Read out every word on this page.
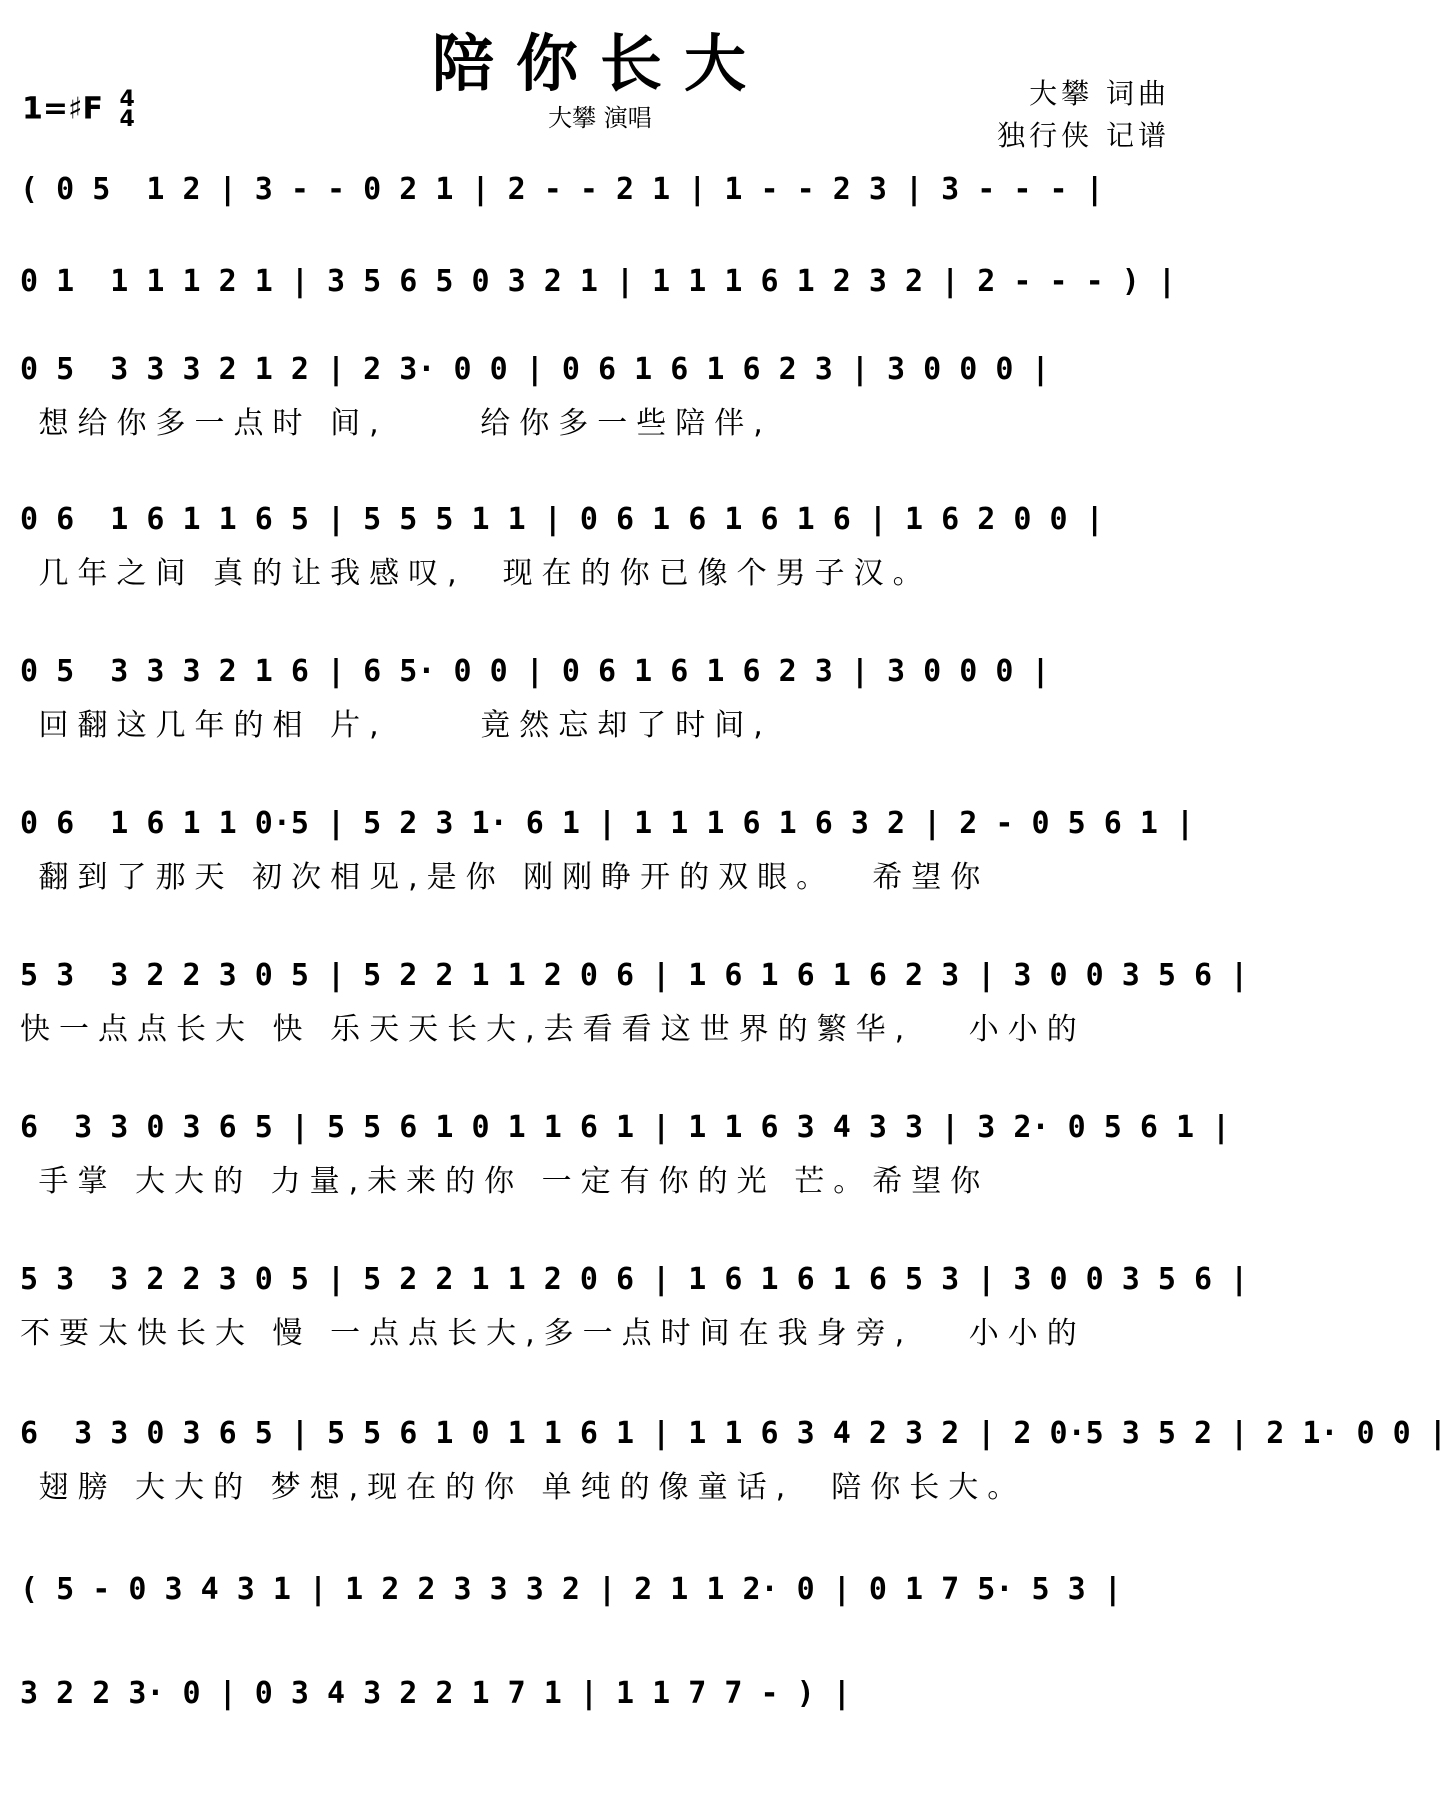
陪你长大
1=♯F 4
4	大攀 演唱
大攀 词曲
独行侠 记谱
( 0 5  1 2 | 3 - - 0 2 1 | 2 - - 2 1 | 1 - - 2 3 | 3 - - - |
0 1  1 1 1 2 1 | 3 5 6 5 0 3 2 1 | 1 1 1 6 1 2 3 2 | 2 - - - ) |
0 5  3 3 3 2 1 2 | 2 3· 0 0 | 0 6 1 6 1 6 2 3 | 3 0 0 0 |
想给你多一点时 间,     给你多一些陪伴,
0 6  1 6 1 1 6 5 | 5 5 5 1 1 | 0 6 1 6 1 6 1 6 | 1 6 2 0 0 |
几年之间 真的让我感叹,  现在的你已像个男子汉。
0 5  3 3 3 2 1 6 | 6 5· 0 0 | 0 6 1 6 1 6 2 3 | 3 0 0 0 |
回翻这几年的相 片,     竟然忘却了时间,
0 6  1 6 1 1 0·5 | 5 2 3 1· 6 1 | 1 1 1 6 1 6 3 2 | 2 - 0 5 6 1 |
翻到了那天 初次相见,是你 刚刚睁开的双眼。  希望你
5 3  3 2 2 3 0 5 | 5 2 2 1 1 2 0 6 | 1 6 1 6 1 6 2 3 | 3 0 0 3 5 6 |
快一点点长大 快 乐天天长大,去看看这世界的繁华,   小小的
6  3 3 0 3 6 5 | 5 5 6 1 0 1 1 6 1 | 1 1 6 3 4 3 3 | 3 2· 0 5 6 1 |
手掌 大大的 力量,未来的你 一定有你的光 芒。希望你
5 3  3 2 2 3 0 5 | 5 2 2 1 1 2 0 6 | 1 6 1 6 1 6 5 3 | 3 0 0 3 5 6 |
不要太快长大 慢 一点点长大,多一点时间在我身旁,   小小的
6  3 3 0 3 6 5 | 5 5 6 1 0 1 1 6 1 | 1 1 6 3 4 2 3 2 | 2 0·5 3 5 2 | 2 1· 0 0 |
翅膀 大大的 梦想,现在的你 单纯的像童话,  陪你长大。
( 5 - 0 3 4 3 1 | 1 2 2 3 3 3 2 | 2 1 1 2· 0 | 0 1 7 5· 5 3 |
3 2 2 3· 0 | 0 3 4 3 2 2 1 7 1 | 1 1 7 7 - ) |
